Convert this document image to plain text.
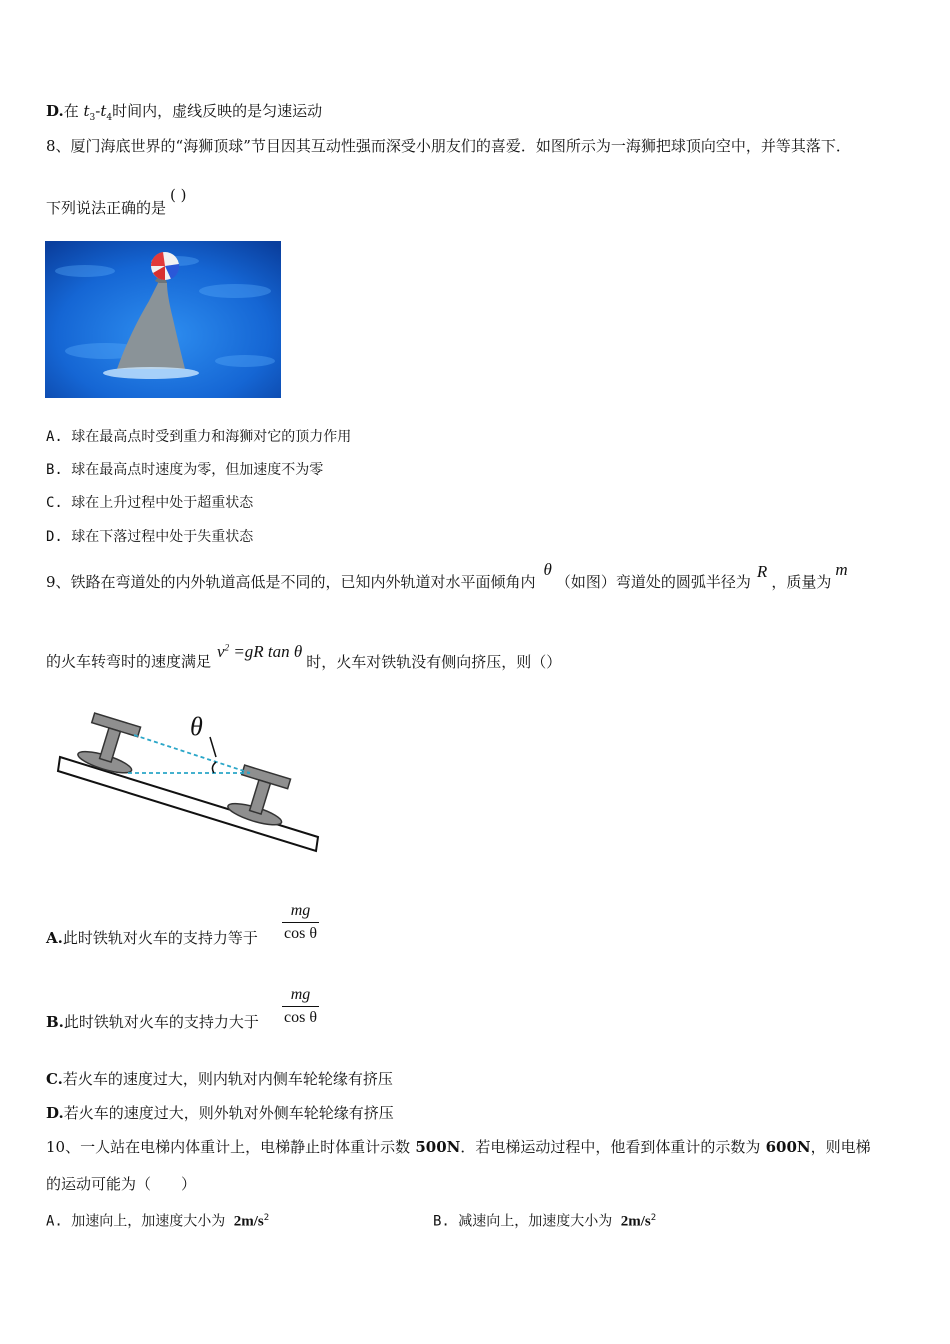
D.在 $t_3-t_4$时间内，虚线反映的是匀速运动
8、厦门海底世界的“海狮顶球”节目因其互动性强而深受小朋友们的喜爱．如图所示为一海狮把球顶向空中，并等其落下．
下列说法正确的是( )
A. 球在最高点时受到重力和海狮对它的顶力作用
B. 球在最高点时速度为零，但加速度不为零
C. 球在上升过程中处于超重状态
D. 球在下落过程中处于失重状态
9、铁路在弯道处的内外轨道高低是不同的，已知内外轨道对水平面倾角内θ（如图）弯道处的圆弧半径为R，质量为m
的火车转弯时的速度满足$v^2 =gR$ tan θ时，火车对铁轨没有侧向挤压，则（）
θ
A.此时铁轨对火车的支持力等于
mg
cos θ
B.此时铁轨对火车的支持力大于
mg
cos θ
C.若火车的速度过大，则内轨对内侧车轮轮缘有挤压
D.若火车的速度过大，则外轨对外侧车轮轮缘有挤压
10、一人站在电梯内体重计上，电梯静止时体重计示数 500N．若电梯运动过程中，他看到体重计的示数为 600N，则电梯
的运动可能为（　　）
A. 加速向上，加速度大小为 $2m/s^2$	B. 减速向上，加速度大小为 $2m/s^2$
